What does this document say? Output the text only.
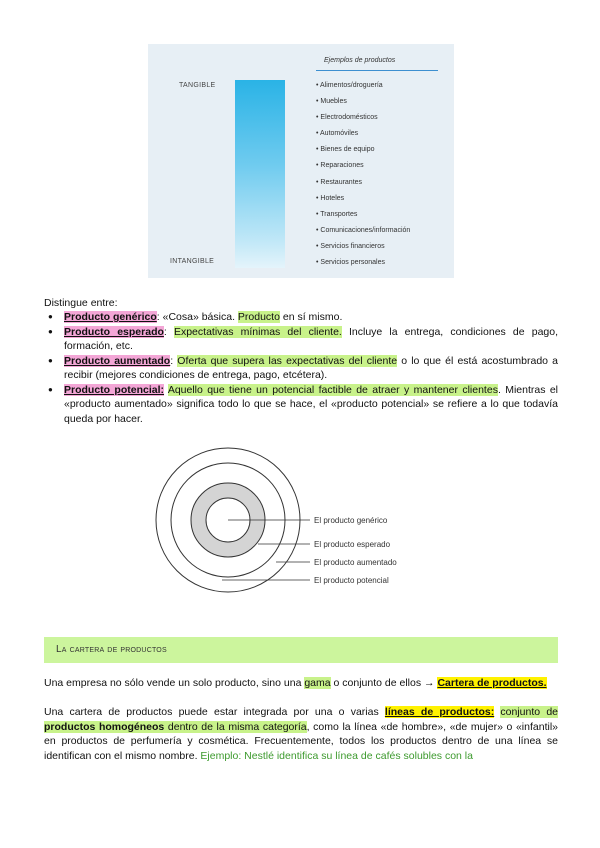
TANGIBLE
INTANGIBLE
Ejemplos de productos
• Alimentos/droguería
• Muebles
• Electrodomésticos
• Automóviles
• Bienes de equipo
• Reparaciones
• Restaurantes
• Hoteles
• Transportes
• Comunicaciones/información
• Servicios financieros
• Servicios personales
Distingue entre:
● Producto genérico: «Cosa» básica. Producto en sí mismo.
● Producto esperado: Expectativas mínimas del cliente. Incluye la entrega, condiciones de pago, formación, etc.
● Producto aumentado: Oferta que supera las expectativas del cliente o lo que él está acostumbrado a recibir (mejores condiciones de entrega, pago, etcétera).
● Producto potencial: Aquello que tiene un potencial factible de atraer y mantener clientes. Mientras el «producto aumentado» significa todo lo que se hace, el «producto potencial» se refiere a lo que todavía queda por hacer.
El producto genérico
El producto esperado
El producto aumentado
El producto potencial
La cartera de productos
Una empresa no sólo vende un solo producto, sino una gama o conjunto de ellos → Cartera de productos.
Una cartera de productos puede estar integrada por una o varias líneas de productos: conjunto de productos homogéneos dentro de la misma categoría, como la línea «de hombre», «de mujer» o «infantil» en productos de perfumería y cosmética. Frecuentemente, todos los productos dentro de una línea se identifican con el mismo nombre. Ejemplo: Nestlé identifica su línea de cafés solubles con la
